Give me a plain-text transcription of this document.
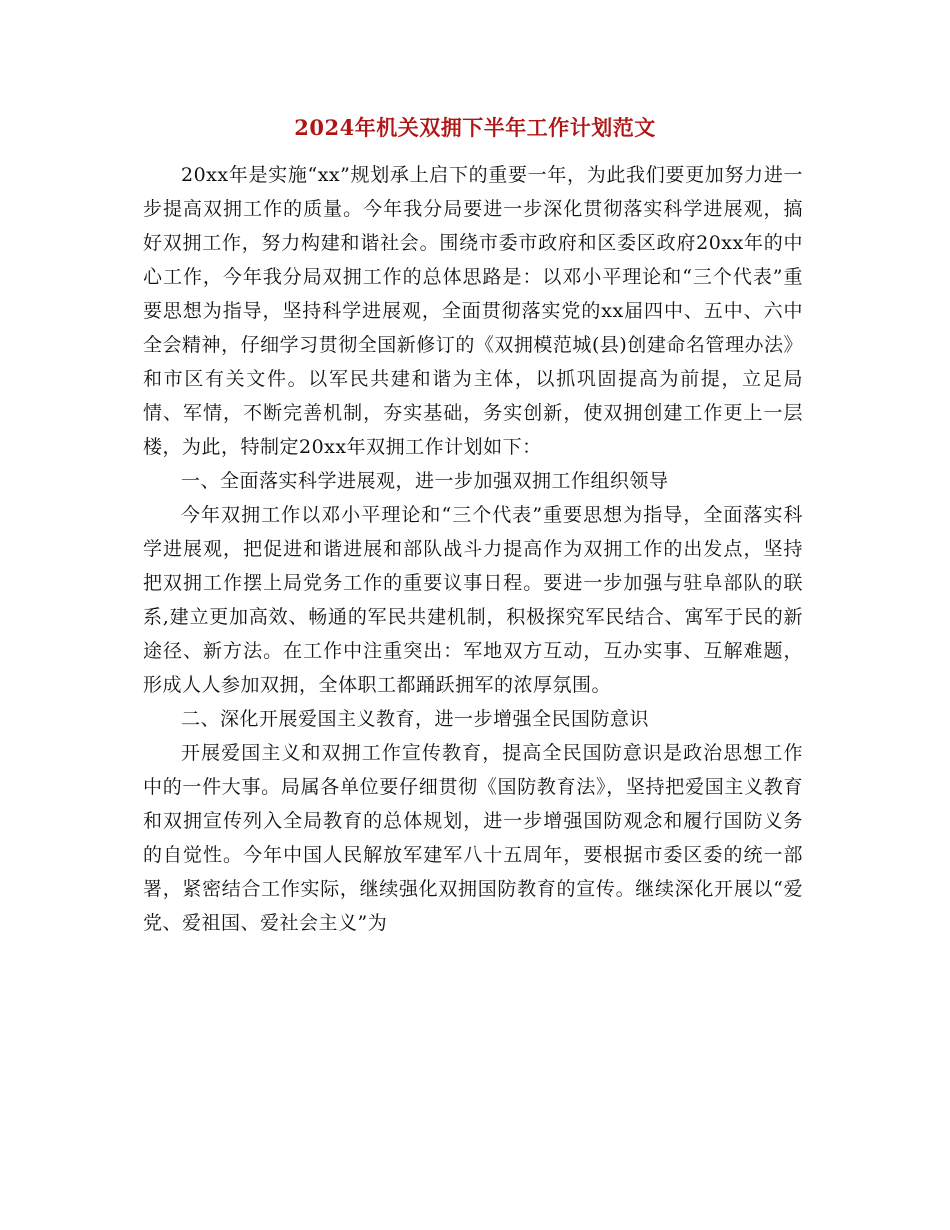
2024年机关双拥下半年工作计划范文

20xx年是实施“xx”规划承上启下的重要一年，为此我们要更加努力进一步提高双拥工作的质量。今年我分局要进一步深化贯彻落实科学进展观，搞好双拥工作，努力构建和谐社会。围绕市委市政府和区委区政府20xx年的中心工作，今年我分局双拥工作的总体思路是：以邓小平理论和“三个代表”重要思想为指导，坚持科学进展观，全面贯彻落实党的xx届四中、五中、六中全会精神，仔细学习贯彻全国新修订的《双拥模范城(县)创建命名管理办法》和市区有关文件。以军民共建和谐为主体，以抓巩固提高为前提，立足局情、军情，不断完善机制，夯实基础，务实创新，使双拥创建工作更上一层楼，为此，特制定20xx年双拥工作计划如下：

一、全面落实科学进展观，进一步加强双拥工作组织领导

今年双拥工作以邓小平理论和“三个代表”重要思想为指导，全面落实科学进展观，把促进和谐进展和部队战斗力提高作为双拥工作的出发点，坚持把双拥工作摆上局党务工作的重要议事日程。要进一步加强与驻阜部队的联系,建立更加高效、畅通的军民共建机制，积极探究军民结合、寓军于民的新途径、新方法。在工作中注重突出：军地双方互动，互办实事、互解难题，形成人人参加双拥，全体职工都踊跃拥军的浓厚氛围。

二、深化开展爱国主义教育，进一步增强全民国防意识

开展爱国主义和双拥工作宣传教育，提高全民国防意识是政治思想工作中的一件大事。局属各单位要仔细贯彻《国防教育法》，坚持把爱国主义教育和双拥宣传列入全局教育的总体规划，进一步增强国防观念和履行国防义务的自觉性。今年中国人民解放军建军八十五周年，要根据市委区委的统一部署，紧密结合工作实际，继续强化双拥国防教育的宣传。继续深化开展以“爱党、爱祖国、爱社会主义”为
